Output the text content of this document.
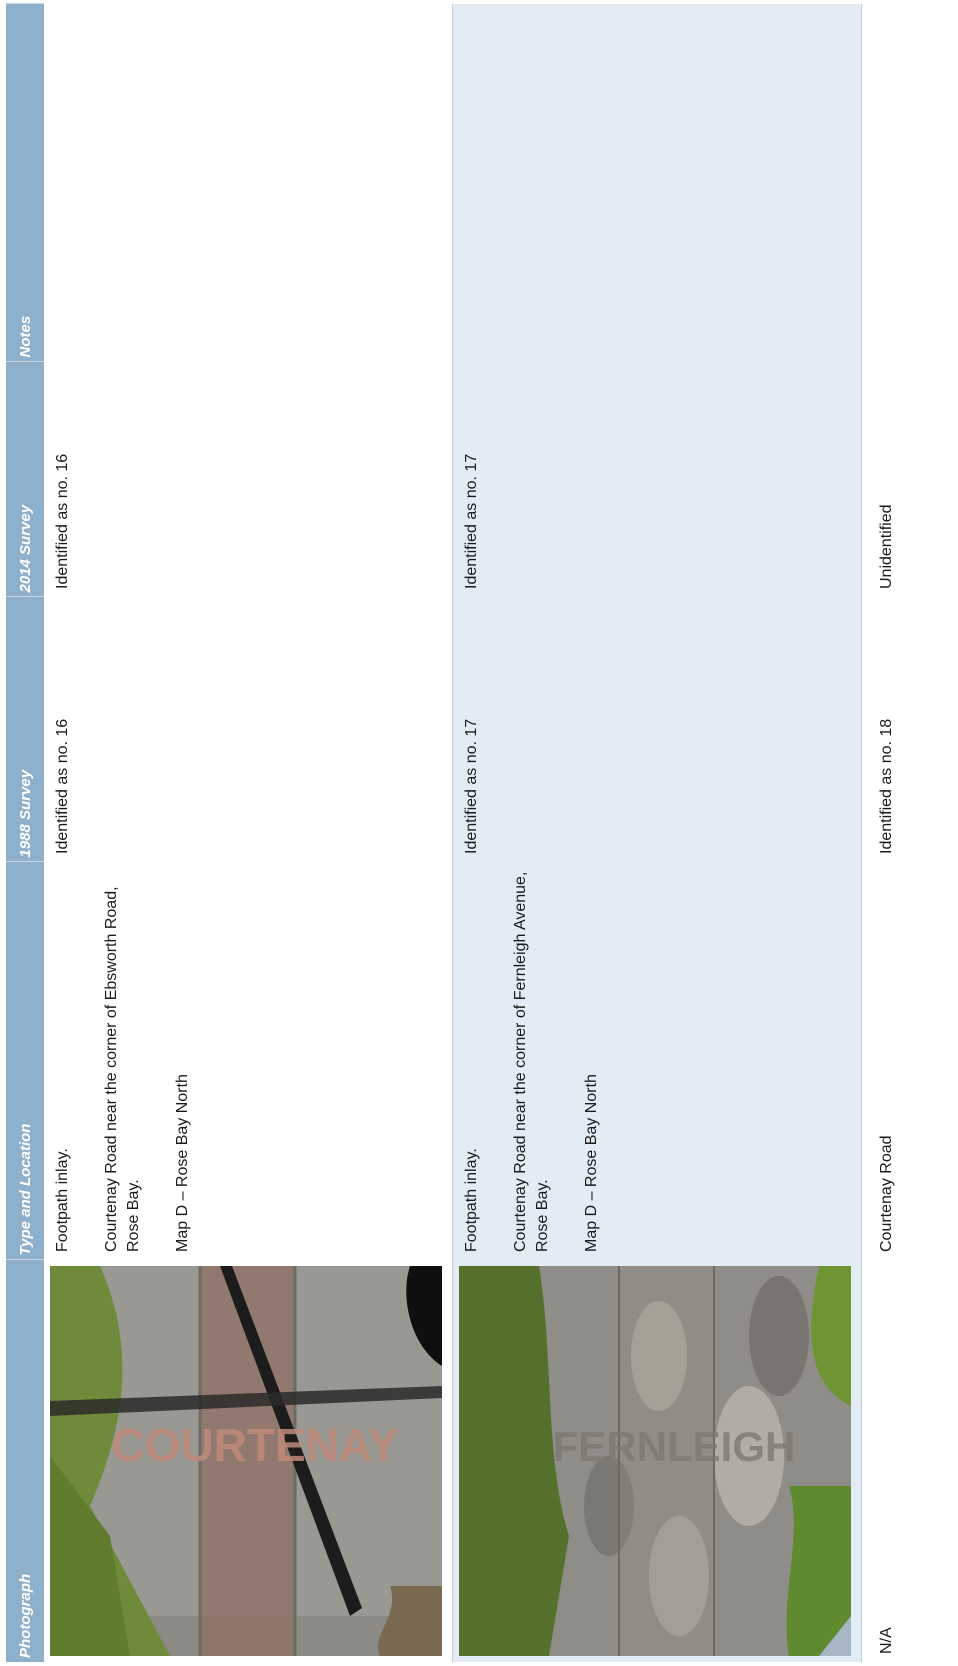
Photograph	Type and Location	1988 Survey	2014 Survey	Notes

COURTENAY	Footpath inlay. Courtenay Road near the corner of Ebsworth Road, Rose Bay. Map D – Rose Bay North	Identified as no. 16	Identified as no. 16	

FERNLEIGH	Footpath inlay. Courtenay Road near the corner of Fernleigh Avenue, Rose Bay. Map D – Rose Bay North	Identified as no. 17	Identified as no. 17	
N/A	Courtenay Road	Identified as no. 18	Unidentified	
